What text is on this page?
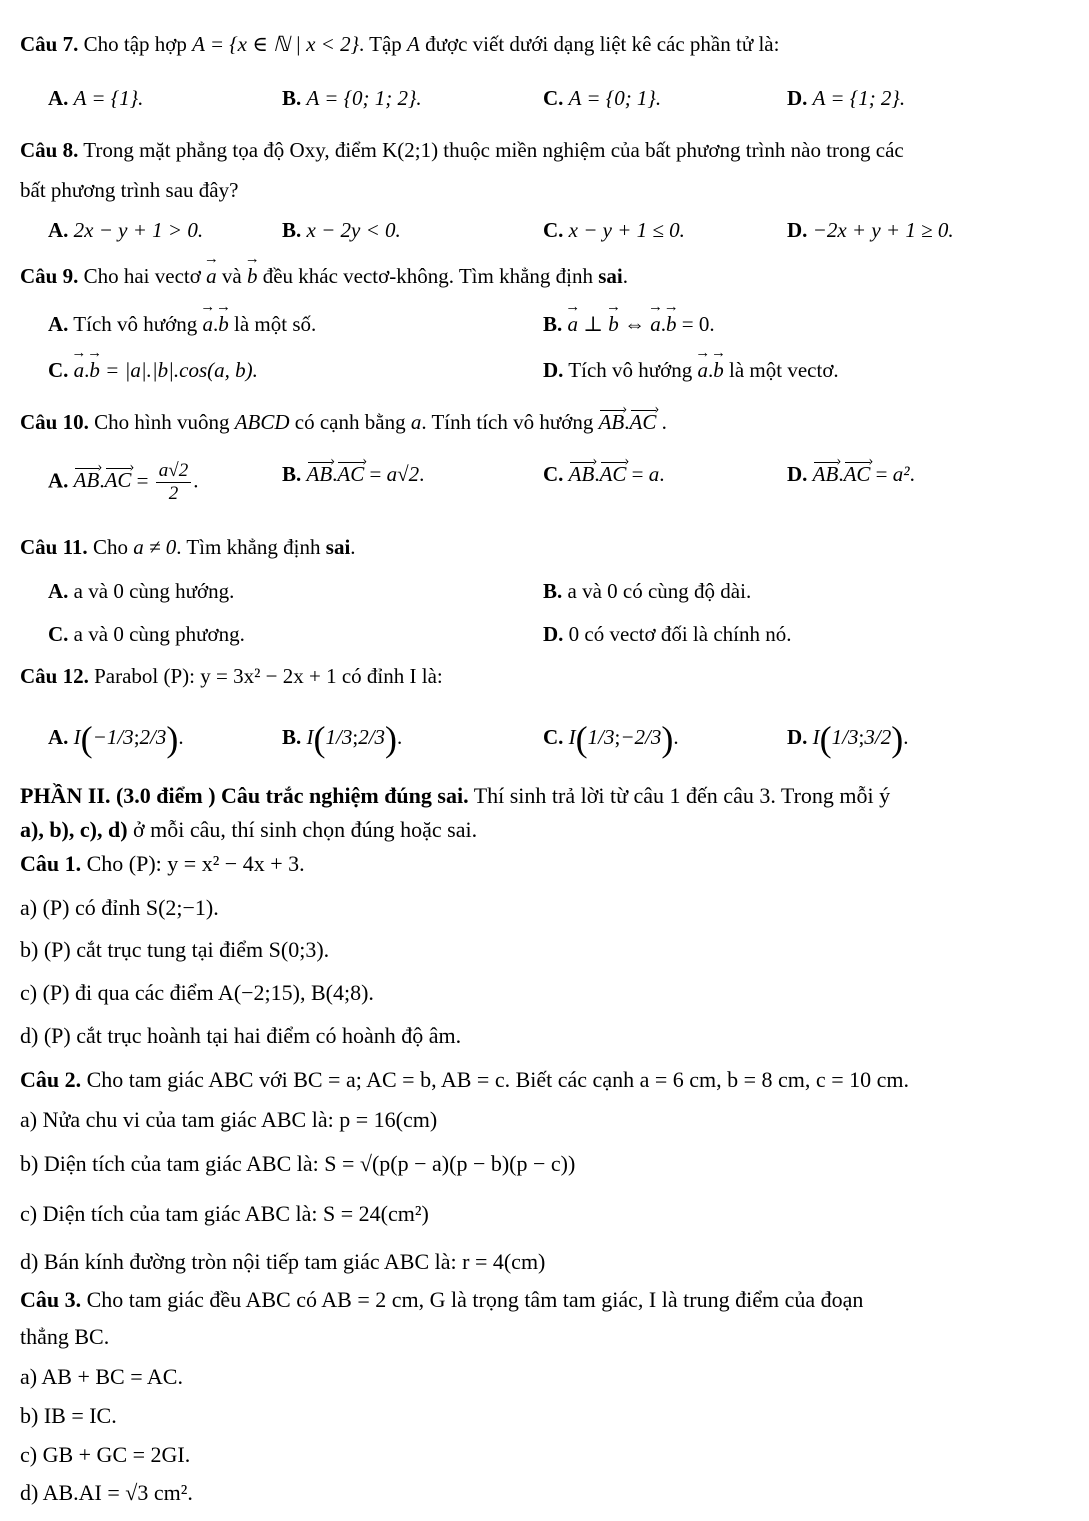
Câu 7. Cho tập hợp A = {x ∈ ℕ | x < 2}. Tập A được viết dưới dạng liệt kê các phần tử là:
A. A = {1}.	B. A = {0; 1; 2}.	C. A = {0; 1}.	D. A = {1; 2}.
Câu 8. Trong mặt phẳng tọa độ Oxy, điểm K(2;1) thuộc miền nghiệm của bất phương trình nào trong các
bất phương trình sau đây?
A. 2x − y + 1 > 0.	B. x − 2y < 0.	C. x − y + 1 ≤ 0.	D. −2x + y + 1 ≥ 0.
Câu 9. Cho hai vectơ → a và → b đều khác vectơ-không. Tìm khẳng định sai.
A. Tích vô hướng → a.→ b là một số.	B. → a ⊥ → b ⇔ → a.→ b = 0.
C. → a.→ b = |a|.|b|.cos(a, b).	D. Tích vô hướng → a.→ b là một vectơ.
Câu 10. Cho hình vuông ABCD có cạnh bằng a. Tính tích vô hướng AB ›.AC › .
A. AB ›.AC › = $\frac{a√2}{2}$ .	B. AB ›.AC › = a√2.	C. AB ›.AC › = a.	D. AB ›.AC › = a².
Câu 11. Cho a ≠ 0. Tìm khẳng định sai.
A. a và 0 cùng hướng.	B. a và 0 có cùng độ dài.
C. a và 0 cùng phương.	D. 0 có vectơ đối là chính nó.
Câu 12. Parabol (P): y = 3x² − 2x + 1 có đỉnh I là:
A. I(−1/3;2/3).	B. I(1/3;2/3).	C. I(1/3;−2/3).	D. I(1/3;3/2).
PHẦN II. (3.0 điểm ) Câu trắc nghiệm đúng sai. Thí sinh trả lời từ câu 1 đến câu 3. Trong mỗi ý
a), b), c), d) ở mỗi câu, thí sinh chọn đúng hoặc sai.
Câu 1. Cho (P): y = x² − 4x + 3.
a) (P) có đỉnh S(2;−1).
b) (P) cắt trục tung tại điểm S(0;3).
c) (P) đi qua các điểm A(−2;15), B(4;8).
d) (P) cắt trục hoành tại hai điểm có hoành độ âm.
Câu 2. Cho tam giác ABC với BC = a; AC = b, AB = c. Biết các cạnh a = 6 cm, b = 8 cm, c = 10 cm.
a) Nửa chu vi của tam giác ABC là: p = 16(cm)
b) Diện tích của tam giác ABC là: S = √(p(p − a)(p − b)(p − c))
c) Diện tích của tam giác ABC là: S = 24(cm²)
d) Bán kính đường tròn nội tiếp tam giác ABC là: r = 4(cm)
Câu 3. Cho tam giác đều ABC có AB = 2 cm, G là trọng tâm tam giác, I là trung điểm của đoạn
thẳng BC.
a) AB + BC = AC.
b) IB = IC.
c) GB + GC = 2GI.
d) AB.AI = √3 cm².
